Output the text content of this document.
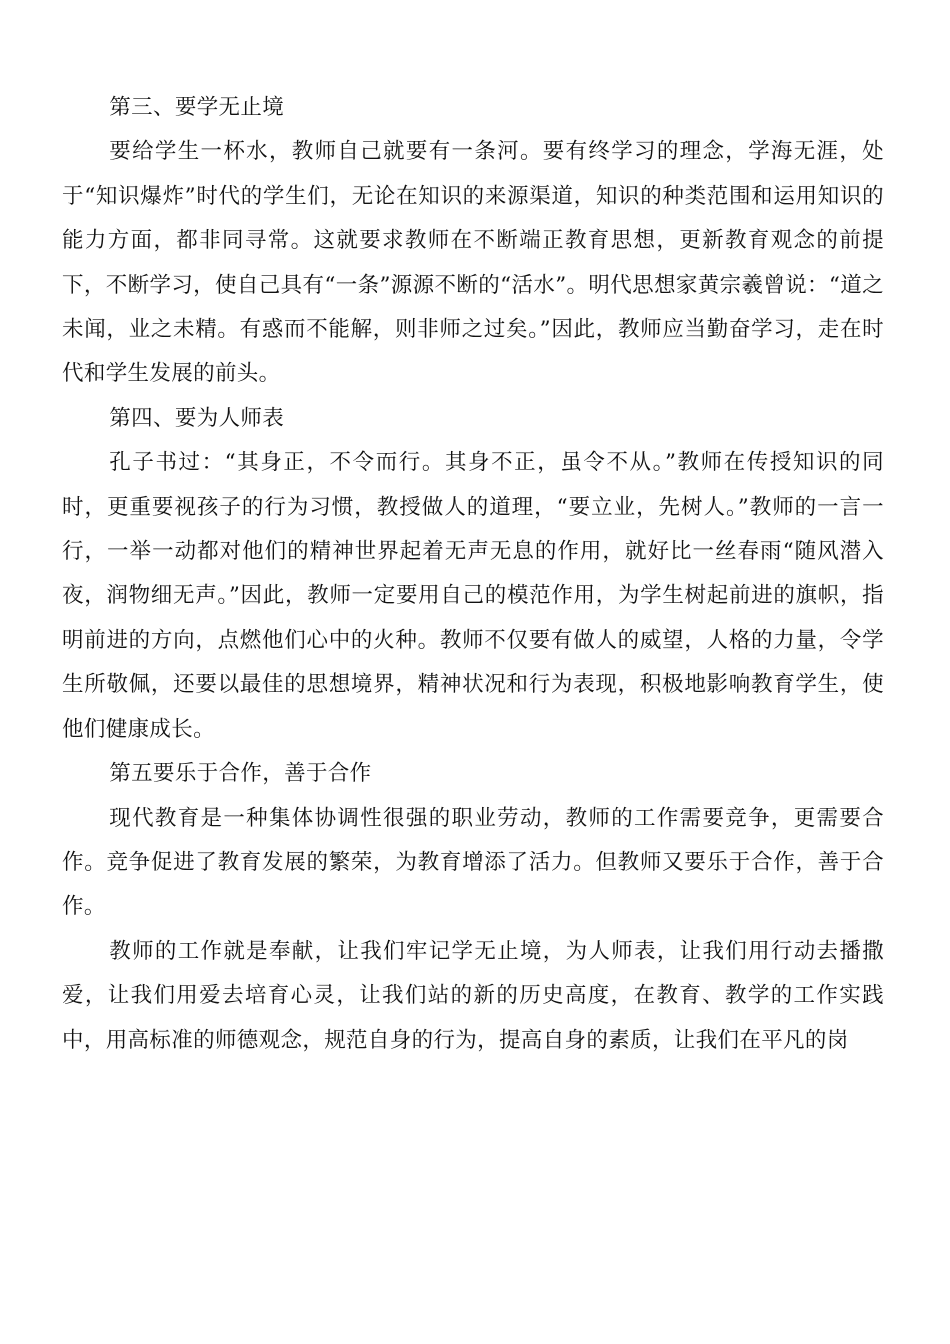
第三、要学无止境

要给学生一杯水，教师自己就要有一条河。要有终学习的理念，学海无涯，处于“知识爆炸”时代的学生们，无论在知识的来源渠道，知识的种类范围和运用知识的能力方面，都非同寻常。这就要求教师在不断端正教育思想，更新教育观念的前提下，不断学习，使自己具有“一条”源源不断的“活水”。明代思想家黄宗羲曾说：“道之未闻，业之未精。有惑而不能解，则非师之过矣。”因此，教师应当勤奋学习，走在时代和学生发展的前头。

第四、要为人师表

孔子书过：“其身正，不令而行。其身不正，虽令不从。”教师在传授知识的同时，更重要视孩子的行为习惯，教授做人的道理，“要立业，先树人。”教师的一言一行，一举一动都对他们的精神世界起着无声无息的作用，就好比一丝春雨“随风潜入夜，润物细无声。”因此，教师一定要用自己的模范作用，为学生树起前进的旗帜，指明前进的方向，点燃他们心中的火种。教师不仅要有做人的威望，人格的力量，令学生所敬佩，还要以最佳的思想境界，精神状况和行为表现，积极地影响教育学生，使他们健康成长。

第五要乐于合作，善于合作

现代教育是一种集体协调性很强的职业劳动，教师的工作需要竞争，更需要合作。竞争促进了教育发展的繁荣，为教育增添了活力。但教师又要乐于合作，善于合作。

教师的工作就是奉献，让我们牢记学无止境，为人师表，让我们用行动去播撒爱，让我们用爱去培育心灵，让我们站的新的历史高度，在教育、教学的工作实践中，用高标准的师德观念，规范自身的行为，提高自身的素质，让我们在平凡的岗
